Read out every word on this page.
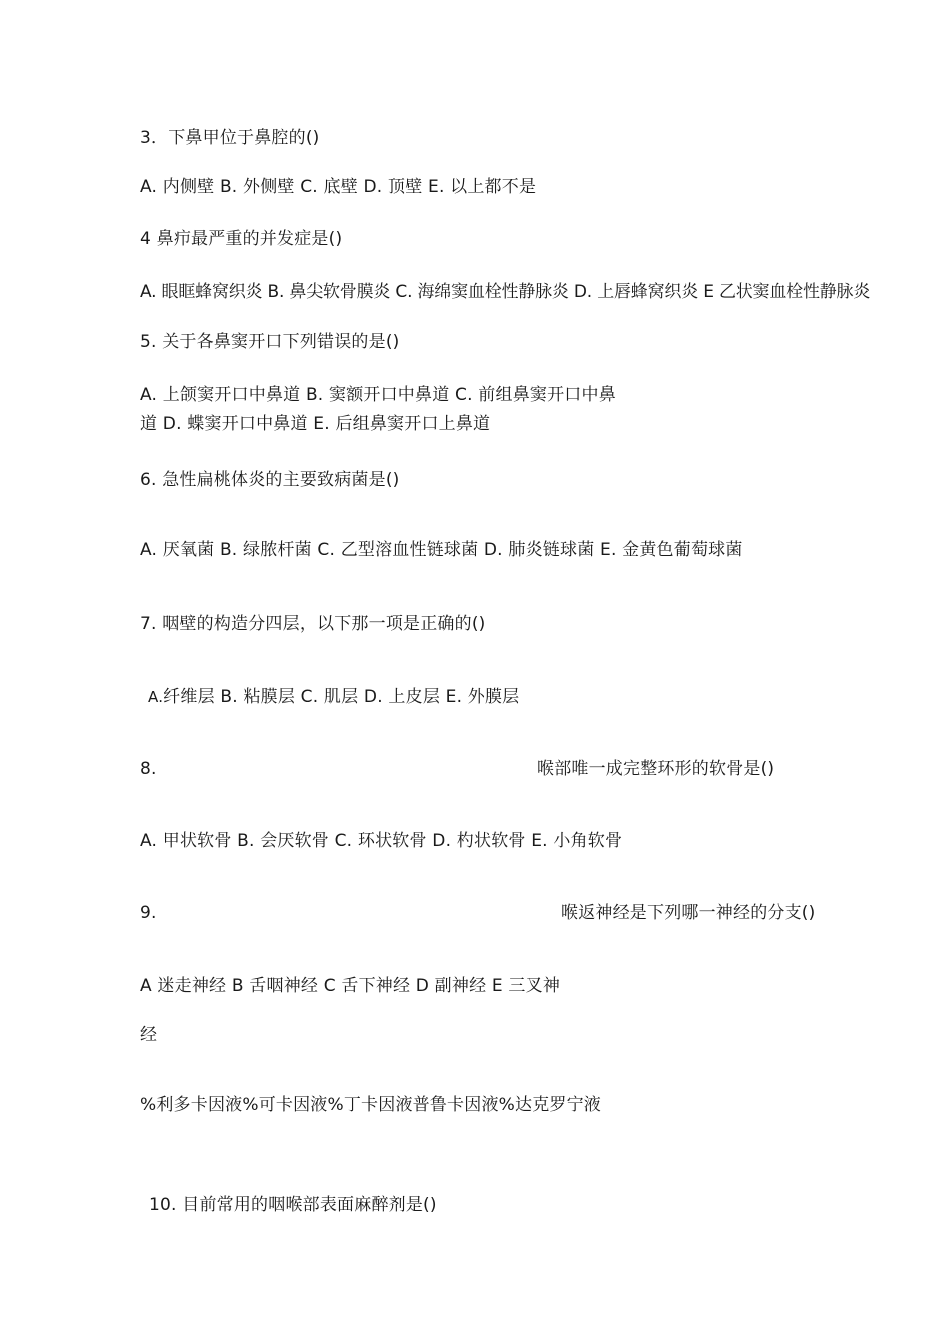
3．下鼻甲位于鼻腔的()
A. 内侧壁 B. 外侧壁 C. 底壁 D. 顶壁 E. 以上都不是
4 鼻疖最严重的并发症是()
A. 眼眶蜂窝织炎 B. 鼻尖软骨膜炎 C. 海绵窦血栓性静脉炎 D. 上唇蜂窝织炎 E 乙状窦血栓性静脉炎
5. 关于各鼻窦开口下列错误的是()
A. 上颌窦开口中鼻道 B. 窦额开口中鼻道 C. 前组鼻窦开口中鼻
道 D. 蝶窦开口中鼻道 E. 后组鼻窦开口上鼻道
6. 急性扁桃体炎的主要致病菌是()
A. 厌氧菌 B. 绿脓杆菌 C. 乙型溶血性链球菌 D. 肺炎链球菌 E. 金黄色葡萄球菌
7. 咽壁的构造分四层，以下那一项是正确的()
A.纤维层 B. 粘膜层 C. 肌层 D. 上皮层 E. 外膜层
8.	喉部唯一成完整环形的软骨是()
A. 甲状软骨 B. 会厌软骨 C. 环状软骨 D. 杓状软骨 E. 小角软骨
9.	喉返神经是下列哪一神经的分支()
A 迷走神经 B 舌咽神经 C 舌下神经 D 副神经 E 三叉神
经
%利多卡因液%可卡因液%丁卡因液普鲁卡因液%达克罗宁液
10. 目前常用的咽喉部表面麻醉剂是()
